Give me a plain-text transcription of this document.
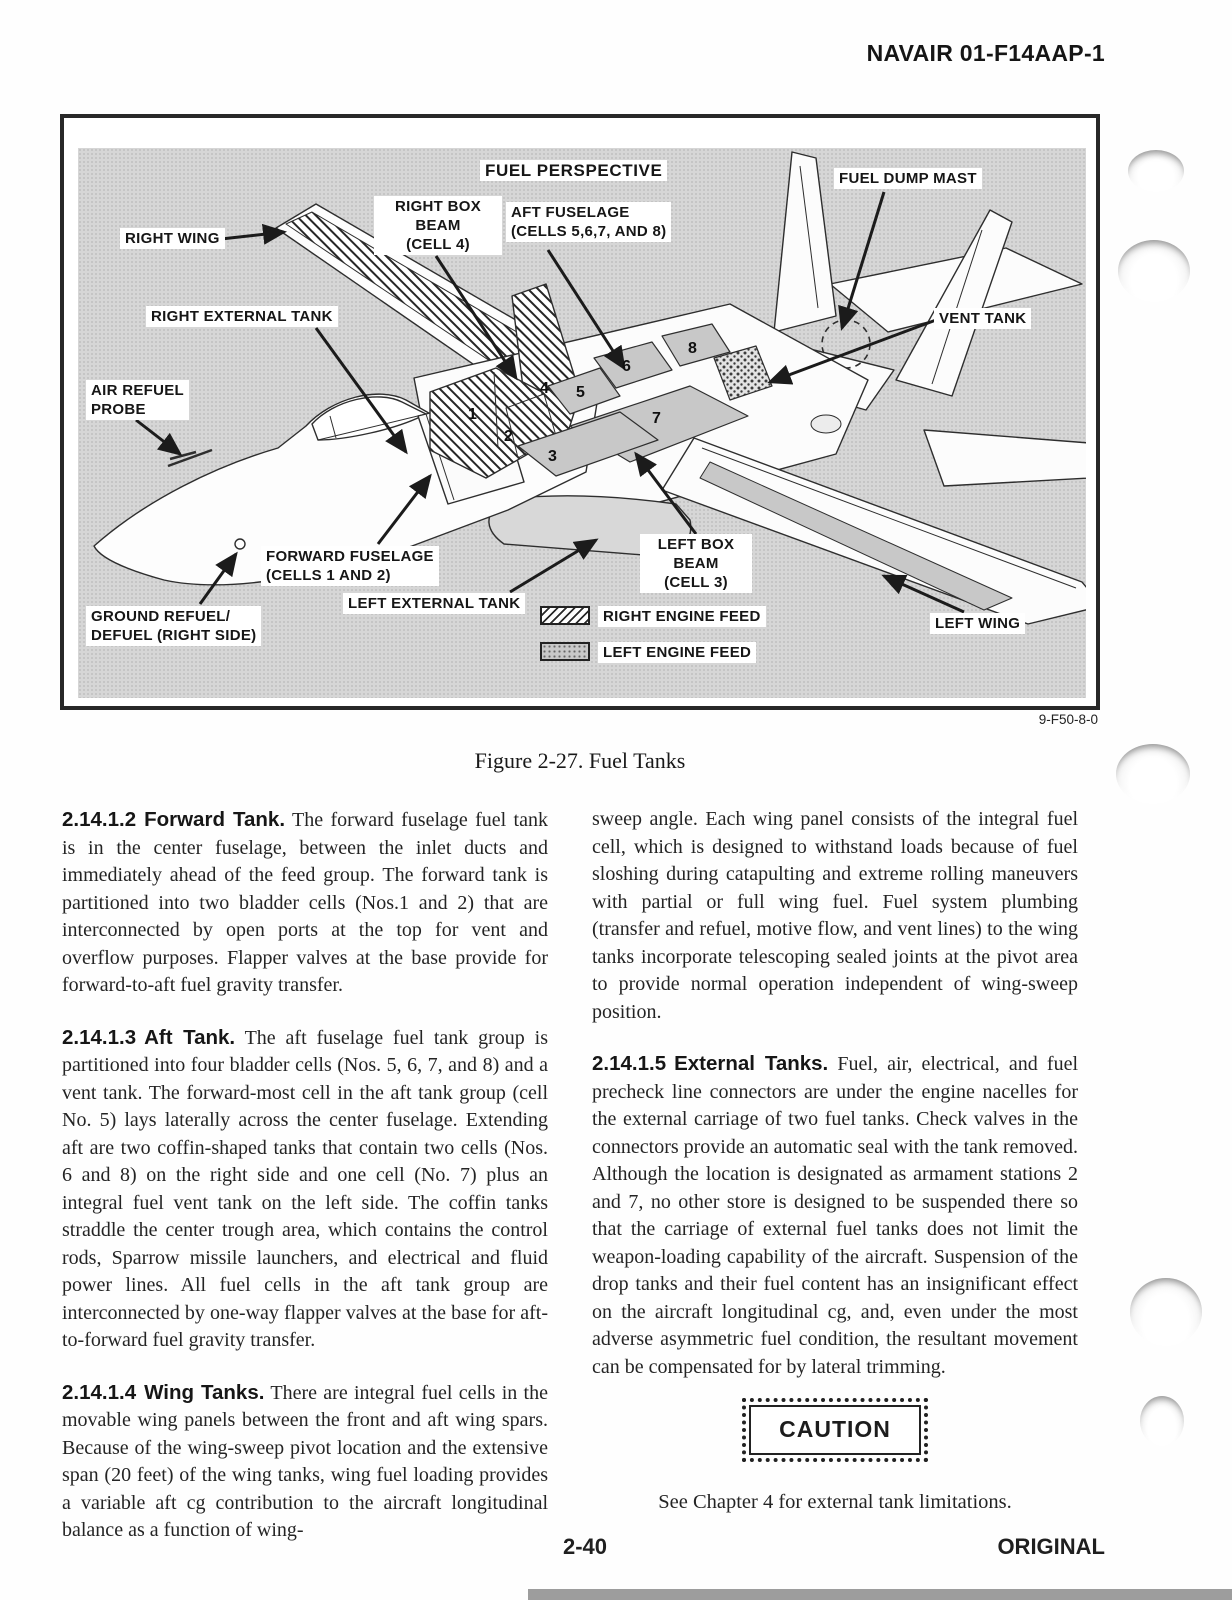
NAVAIR 01-F14AAP-1
FUEL PERSPECTIVE	FUEL DUMP MAST
RIGHT BOX
BEAM
(CELL 4)
AFT FUSELAGE
(CELLS 5,6,7, AND 8)
RIGHT WING
RIGHT EXTERNAL TANK	VENT TANK
AIR REFUEL
PROBE
FORWARD FUSELAGE
(CELLS 1 AND 2)
LEFT EXTERNAL TANK
LEFT BOX
BEAM
(CELL 3)
GROUND REFUEL/
DEFUEL (RIGHT SIDE)
LEFT WING
RIGHT ENGINE FEED
LEFT ENGINE FEED
1
2
3
4 5
6
7
8
9-F50-8-0
Figure 2-27. Fuel Tanks

2.14.1.2 Forward Tank. The forward fuselage fuel tank is in the center fuselage, between the inlet ducts and immediately ahead of the feed group. The forward tank is partitioned into two bladder cells (Nos.1 and 2) that are interconnected by open ports at the top for vent and overflow purposes. Flapper valves at the base provide for forward-to-aft fuel gravity transfer.

2.14.1.3 Aft Tank. The aft fuselage fuel tank group is partitioned into four bladder cells (Nos. 5, 6, 7, and 8) and a vent tank. The forward-most cell in the aft tank group (cell No. 5) lays laterally across the center fuselage. Extending aft are two coffin-shaped tanks that contain two cells (Nos. 6 and 8) on the right side and one cell (No. 7) plus an integral fuel vent tank on the left side. The coffin tanks straddle the center trough area, which contains the control rods, Sparrow missile launchers, and electrical and fluid power lines. All fuel cells in the aft tank group are interconnected by one-way flapper valves at the base for aft-to-forward fuel gravity transfer.

2.14.1.4 Wing Tanks. There are integral fuel cells in the movable wing panels between the front and aft wing spars. Because of the wing-sweep pivot location and the extensive span (20 feet) of the wing tanks, wing fuel loading provides a variable aft cg contribution to the aircraft longitudinal balance as a function of wing-

sweep angle. Each wing panel consists of the integral fuel cell, which is designed to withstand loads because of fuel sloshing during catapulting and extreme rolling maneuvers with partial or full wing fuel. Fuel system plumbing (transfer and refuel, motive flow, and vent lines) to the wing tanks incorporate telescoping sealed joints at the pivot area to provide normal operation independent of wing-sweep position.

2.14.1.5 External Tanks. Fuel, air, electrical, and fuel precheck line connectors are under the engine nacelles for the external carriage of two fuel tanks. Check valves in the connectors provide an automatic seal with the tank removed. Although the location is designated as armament stations 2 and 7, no other store is designed to be suspended there so that the carriage of external fuel tanks does not limit the weapon-loading capability of the aircraft. Suspension of the drop tanks and their fuel content has an insignificant effect on the aircraft longitudinal cg, and, even under the most adverse asymmetric fuel condition, the resultant movement can be compensated for by lateral trimming.

CAUTION

See Chapter 4 for external tank limitations.

2-40	ORIGINAL
